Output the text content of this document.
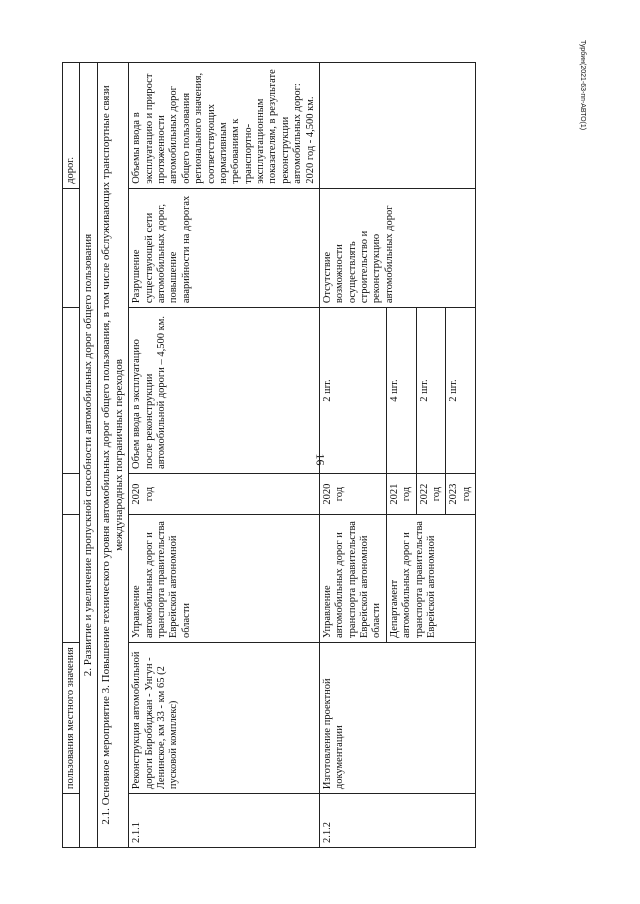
16
Турбин(2021-63-пп-АВТО(1)
	пользования местного значения					дорог.
2. Развитие и увеличение пропускной способности автомобильных дорог общего пользования						
2.1. Основное мероприятие 3. Повышение технического уровня автомобильных дорог общего пользования, в том числе обслуживающих транспортные связи международных пограничных переходов						
2.1.1	Реконструкция автомобильной дороги Биробиджан - Унгун - Ленинское, км 33 - км 65 (2 пусковой комплекс)	Управление автомобильных дорог и транспорта правительства Еврейской автономной области	2020 год	Объем ввода в эксплуатацию после реконструкции автомобильной дороги – 4,500 км.	Разрушение существующей сети автомобильных дорог, повышение аварийности на дорогах	Объемы ввода в эксплуатацию и прирост протяженности автомобильных дорог общего пользования регионального значения, соответствующих нормативным требованиям к транспортно-эксплуатационным показателям, в результате реконструкции автомобильных дорог: 2020 год - 4,500 км.
2.1.2	Изготовление проектной документации	Управление автомобильных дорог и транспорта правительства Еврейской автономной области	2020 год	2 шт.	Отсутствие возможности осуществлять строительство и реконструкцию автомобильных дорог	
		Департамент автомобильных дорог и транспорта правительства Еврейской автономной	2021 год	4 шт.		
			2022 год	2 шт.		
			2023 год	2 шт.		
